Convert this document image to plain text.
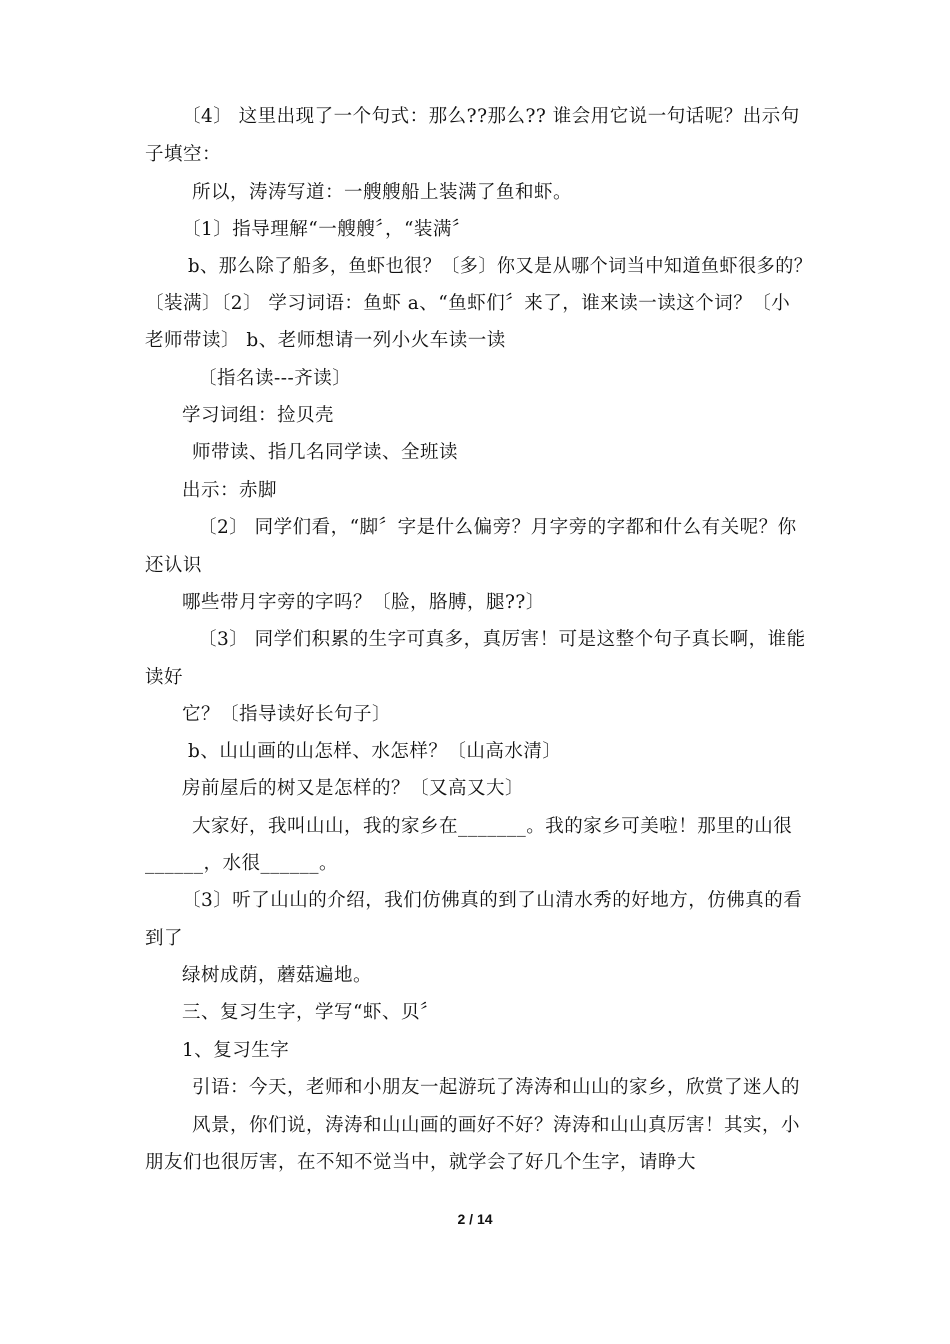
〔4〕 这里出现了一个句式：那么??那么?? 谁会用它说一句话呢？出示句
子填空：
所以，涛涛写道：一艘艘船上装满了鱼和虾。
〔1〕指导理解“一艘艘〞，“装满〞
b、那么除了船多，鱼虾也很？〔多〕你又是从哪个词当中知道鱼虾很多的？
〔装满〕〔2〕 学习词语：鱼虾 a、“鱼虾们〞来了，谁来读一读这个词？〔小
老师带读〕 b、老师想请一列小火车读一读
〔指名读---齐读〕
学习词组：捡贝壳
师带读、指几名同学读、全班读
出示：赤脚
〔2〕 同学们看，“脚〞字是什么偏旁？月字旁的字都和什么有关呢？你
还认识
哪些带月字旁的字吗？〔脸，胳膊，腿??〕
〔3〕 同学们积累的生字可真多，真厉害！可是这整个句子真长啊，谁能
读好
它？〔指导读好长句子〕
b、山山画的山怎样、水怎样？〔山高水清〕
房前屋后的树又是怎样的？〔又高又大〕
大家好，我叫山山，我的家乡在_______。我的家乡可美啦！那里的山很
______，水很______。
〔3〕听了山山的介绍，我们仿佛真的到了山清水秀的好地方，仿佛真的看
到了
绿树成荫，蘑菇遍地。
三、复习生字，学写“虾、贝〞
1、复习生字
引语：今天，老师和小朋友一起游玩了涛涛和山山的家乡，欣赏了迷人的
风景，你们说，涛涛和山山画的画好不好？涛涛和山山真厉害！其实，小
朋友们也很厉害，在不知不觉当中，就学会了好几个生字，请睁大
2 / 14
